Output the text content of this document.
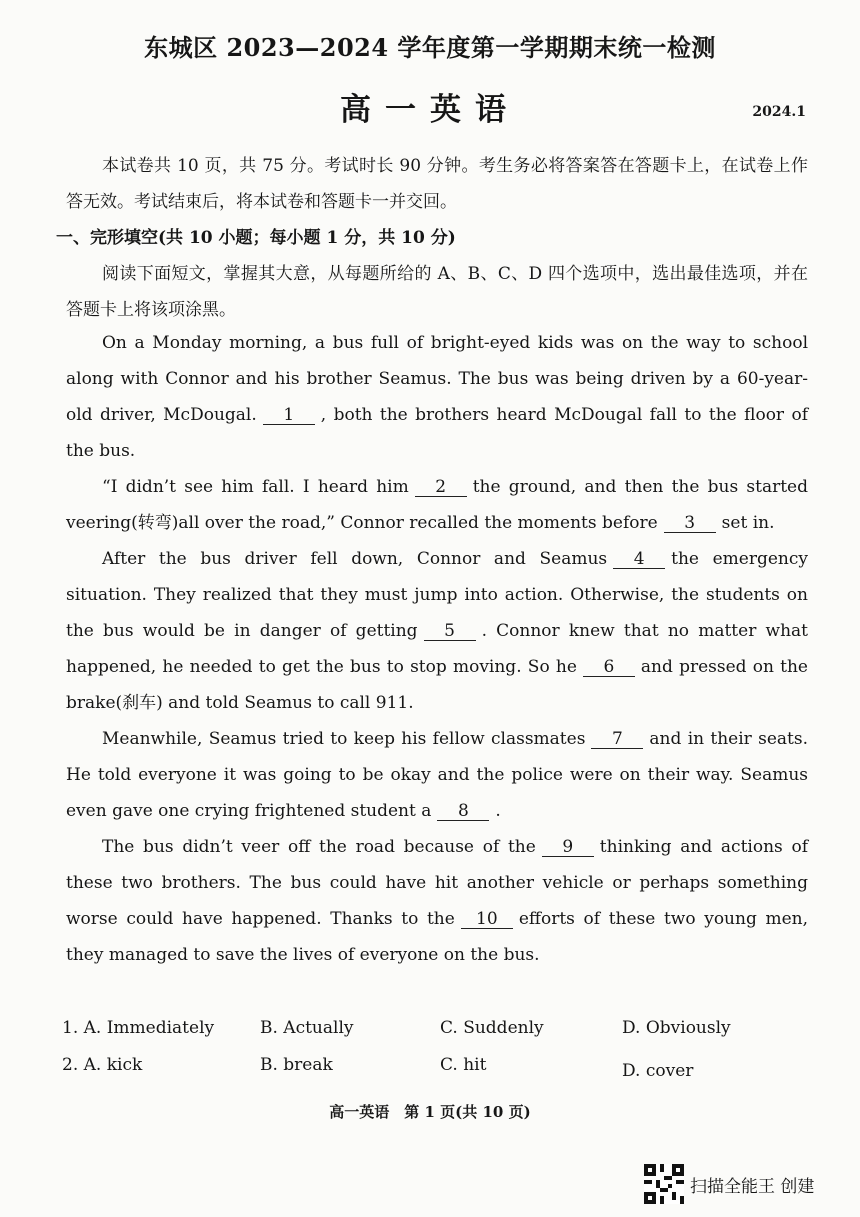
东城区 2023—2024 学年度第一学期期末统一检测
高一英语	2024.1
本试卷共 10 页，共 75 分。考试时长 90 分钟。考生务必将答案答在答题卡上，在试卷上作答无效。考试结束后，将本试卷和答题卡一并交回。
一、完形填空(共 10 小题；每小题 1 分，共 10 分)
阅读下面短文，掌握其大意，从每题所给的 A、B、C、D 四个选项中，选出最佳选项，并在答题卡上将该项涂黑。

On a Monday morning, a bus full of bright-eyed kids was on the way to school along with Connor and his brother Seamus. The bus was being driven by a 60-year-old driver, McDougal. 1 , both the brothers heard McDougal fall to the floor of the bus.

“I didn’t see him fall. I heard him 2 the ground, and then the bus started veering(转弯)all over the road,” Connor recalled the moments before 3 set in.

After the bus driver fell down, Connor and Seamus 4 the emergency situation. They realized that they must jump into action. Otherwise, the students on the bus would be in danger of getting 5 . Connor knew that no matter what happened, he needed to get the bus to stop moving. So he 6 and pressed on the brake(刹车) and told Seamus to call 911.

Meanwhile, Seamus tried to keep his fellow classmates 7 and in their seats. He told everyone it was going to be okay and the police were on their way. Seamus even gave one crying frightened student a 8 .

The bus didn’t veer off the road because of the 9 thinking and actions of these two brothers. The bus could have hit another vehicle or perhaps something worse could have happened. Thanks to the 10 efforts of these two young men, they managed to save the lives of everyone on the bus.

1. A. Immediately	B. Actually	C. Suddenly	D. Obviously
2. A. kick	B. break	C. hit	D. cover
高一英语　第 1 页(共 10 页)
扫描全能王 创建
